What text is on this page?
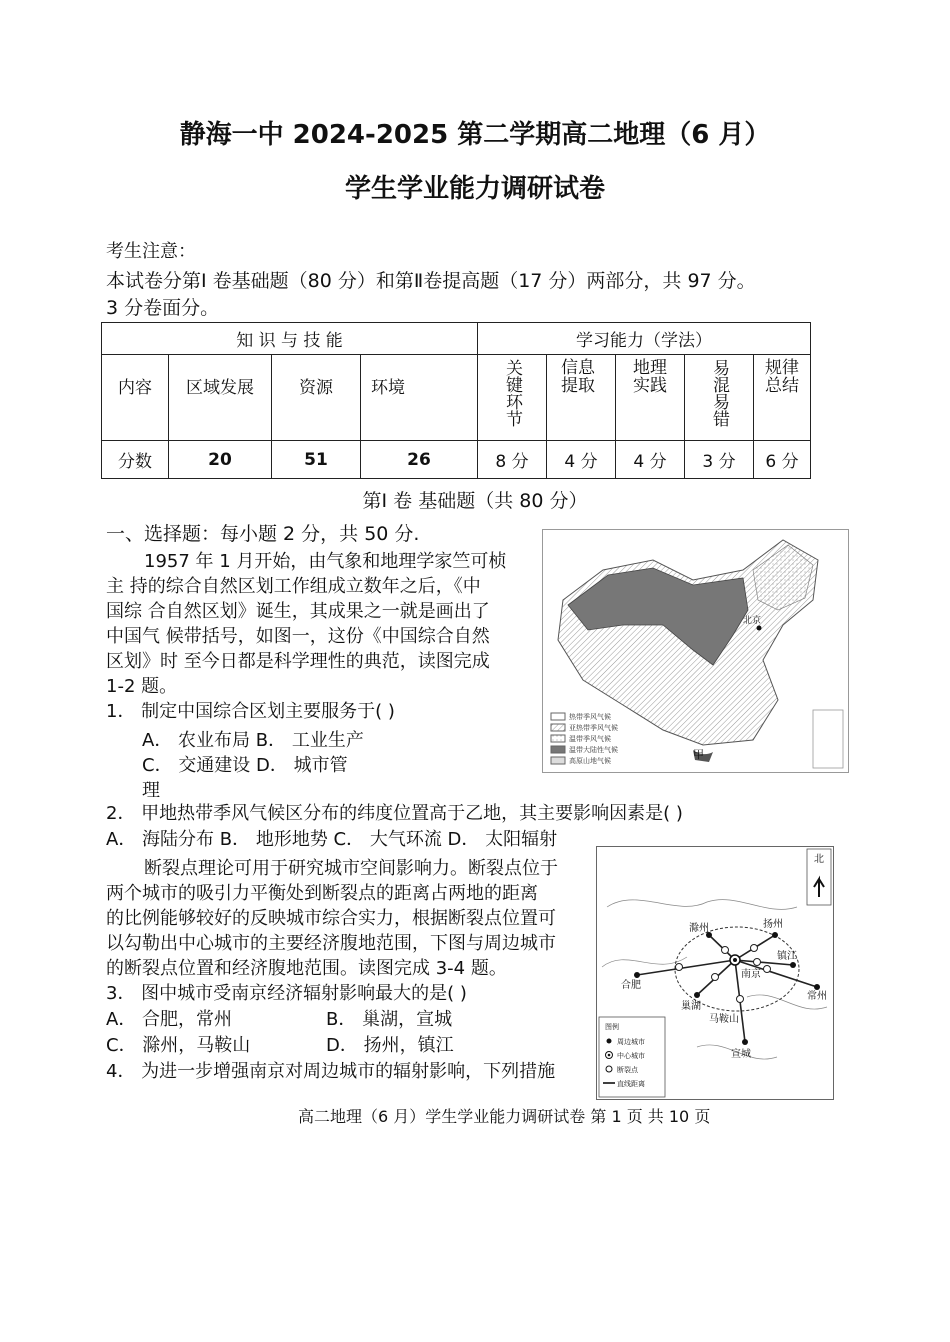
静海一中 2024-2025 第二学期高二地理（6 月）
学生学业能力调研试卷
考生注意：
本试卷分第Ⅰ 卷基础题（80 分）和第Ⅱ卷提高题（17 分）两部分，共 97 分。
3 分卷面分。
知 识 与 技 能				学习能力（学法）				
内容	区域发展	资源	环境	关键环节	信息提取	地理实践	易混易错	规律总结
分数	20	51	26	8 分	4 分	4 分	3 分	6 分
第Ⅰ 卷 基础题（共 80 分）
一、选择题：每小题 2 分，共 50 分.
1957 年 1 月开始，由气象和地理学家竺可桢
主 持的综合自然区划工作组成立数年之后，《中
国综 合自然区划》诞生，其成果之一就是画出了
中国气 候带括号，如图一，这份《中国综合自然
区划》时 至今日都是科学理性的典范，读图完成
1-2 题。
1． 制定中国综合区划主要服务于( )
A． 农业布局 B． 工业生产
C． 交通建设 D． 城市管
理
2． 甲地热带季风气候区分布的纬度位置高于乙地，其主要影响因素是( )
A． 海陆分布 B． 地形地势 C． 大气环流 D． 太阳辐射
北京
甲
热带季风气候
亚热带季风气候
温带季风气候
温带大陆性气候
高原山地气候
断裂点理论可用于研究城市空间影响力。断裂点位于
两个城市的吸引力平衡处到断裂点的距离占两地的距离
的比例能够较好的反映城市综合实力，根据断裂点位置可
以勾勒出中心城市的主要经济腹地范围，下图与周边城市
的断裂点位置和经济腹地范围。读图完成 3-4 题。
3． 图中城市受南京经济辐射影响最大的是( )
A． 合肥，常州	B． 巢湖，宣城
C． 滁州，马鞍山	D． 扬州，镇江
4． 为进一步增强南京对周边城市的辐射影响，下列措施
北
扬州
滁州
镇江
南京
合肥
常州
巢湖
马鞍山
宣城
图例
周边城市
中心城市
断裂点
直线距离
高二地理（6 月）学生学业能力调研试卷 第 1 页 共 10 页
